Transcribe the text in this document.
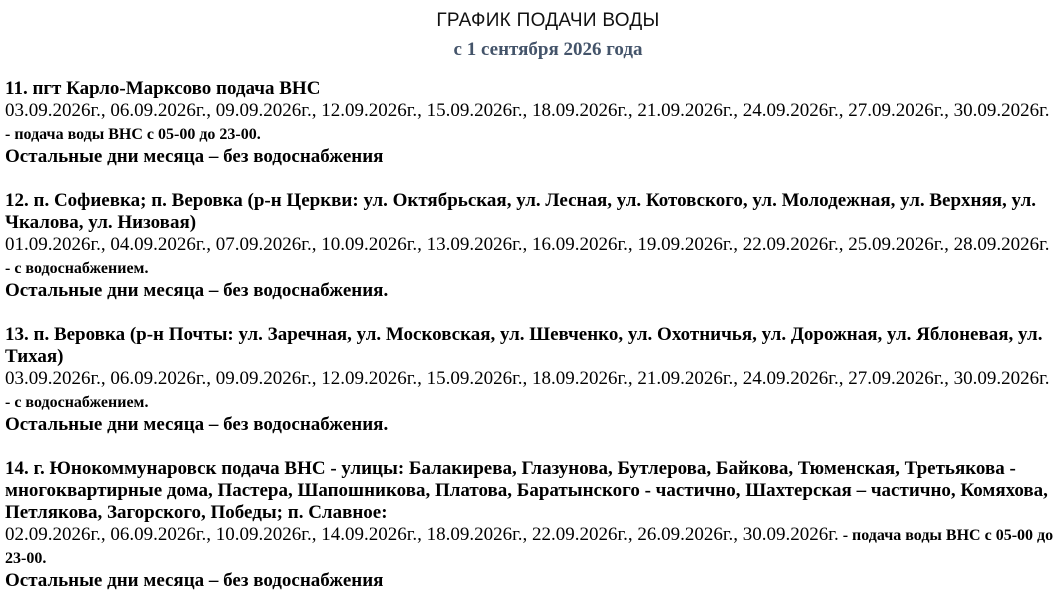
ГРАФИК ПОДАЧИ ВОДЫ
с 1 сентября 2026 года
11. пгт Карло-Марксово подача ВНС
03.09.2026г., 06.09.2026г., 09.09.2026г., 12.09.2026г., 15.09.2026г., 18.09.2026г., 21.09.2026г., 24.09.2026г., 27.09.2026г., 30.09.2026г. - подача воды ВНС с 05-00 до 23-00.
Остальные дни месяца – без водоснабжения
12. п. Софиевка; п. Веровка (р-н Церкви: ул. Октябрьская, ул. Лесная, ул. Котовского, ул. Молодежная, ул. Верхняя, ул. Чкалова, ул. Низовая)
01.09.2026г., 04.09.2026г., 07.09.2026г., 10.09.2026г., 13.09.2026г., 16.09.2026г., 19.09.2026г., 22.09.2026г., 25.09.2026г., 28.09.2026г. - с водоснабжением.
Остальные дни месяца – без водоснабжения.
13. п. Веровка (р-н Почты: ул. Заречная, ул. Московская, ул. Шевченко, ул. Охотничья, ул. Дорожная, ул. Яблоневая, ул. Тихая)
03.09.2026г., 06.09.2026г., 09.09.2026г., 12.09.2026г., 15.09.2026г., 18.09.2026г., 21.09.2026г., 24.09.2026г., 27.09.2026г., 30.09.2026г. - с водоснабжением.
Остальные дни месяца – без водоснабжения.
14. г. Юнокоммунаровск подача ВНС - улицы: Балакирева, Глазунова, Бутлерова, Байкова, Тюменская, Третьякова - многоквартирные дома, Пастера, Шапошникова, Платова, Баратынского - частично, Шахтерская – частично, Комяхова, Петлякова, Загорского, Победы; п. Славное:
02.09.2026г., 06.09.2026г., 10.09.2026г., 14.09.2026г., 18.09.2026г., 22.09.2026г., 26.09.2026г., 30.09.2026г. - подача воды ВНС с 05-00 до 23-00.
Остальные дни месяца – без водоснабжения
